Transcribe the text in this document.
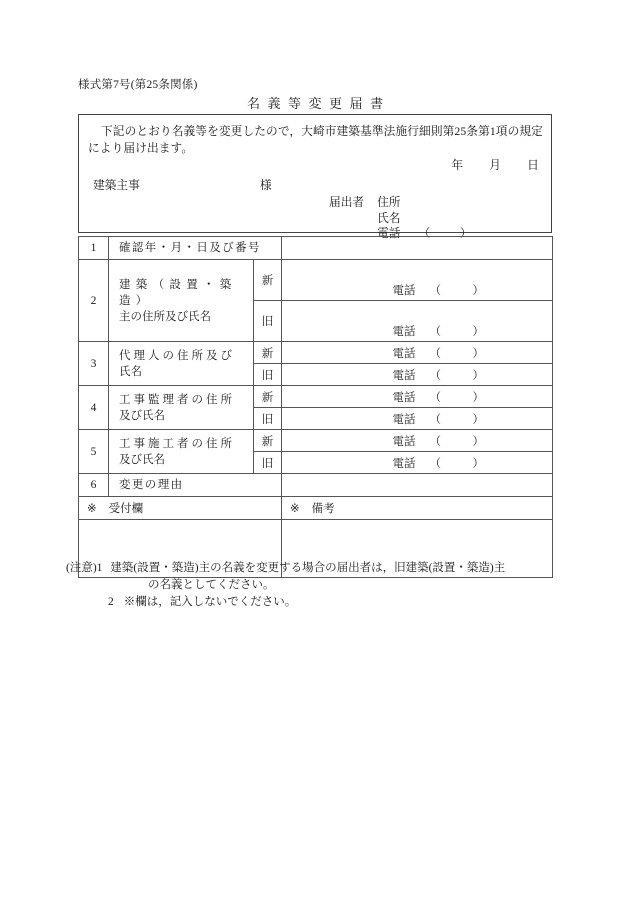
様式第7号(第25条関係)
名義等変更届書
下記のとおり名義等を変更したので，大崎市建築基準法施行細則第25条第1項の規定により届け出ます。
年 月 日
建築主事	様
届出者 住所
氏名
電話 （　）
1	確認年・月・日及び番号		

2	建築（設置・築造）
主の住所及び氏名	新	電話 （　）

		旧	電話 （　）

3	代理人の住所及び
氏名	新	電話 （　）

		旧	電話 （　）

4	工事監理者の住所
及び氏名	新	電話 （　）

		旧	電話 （　）

5	工事施工者の住所
及び氏名	新	電話 （　）

		旧	電話 （　）

6	変更の理由		

※ 受付欄			※ 備考

(注意)1 建築(設置・築造)主の名義を変更する場合の届出者は，旧建築(設置・築造)主
の名義としてください。
2 ※欄は，記入しないでください。
